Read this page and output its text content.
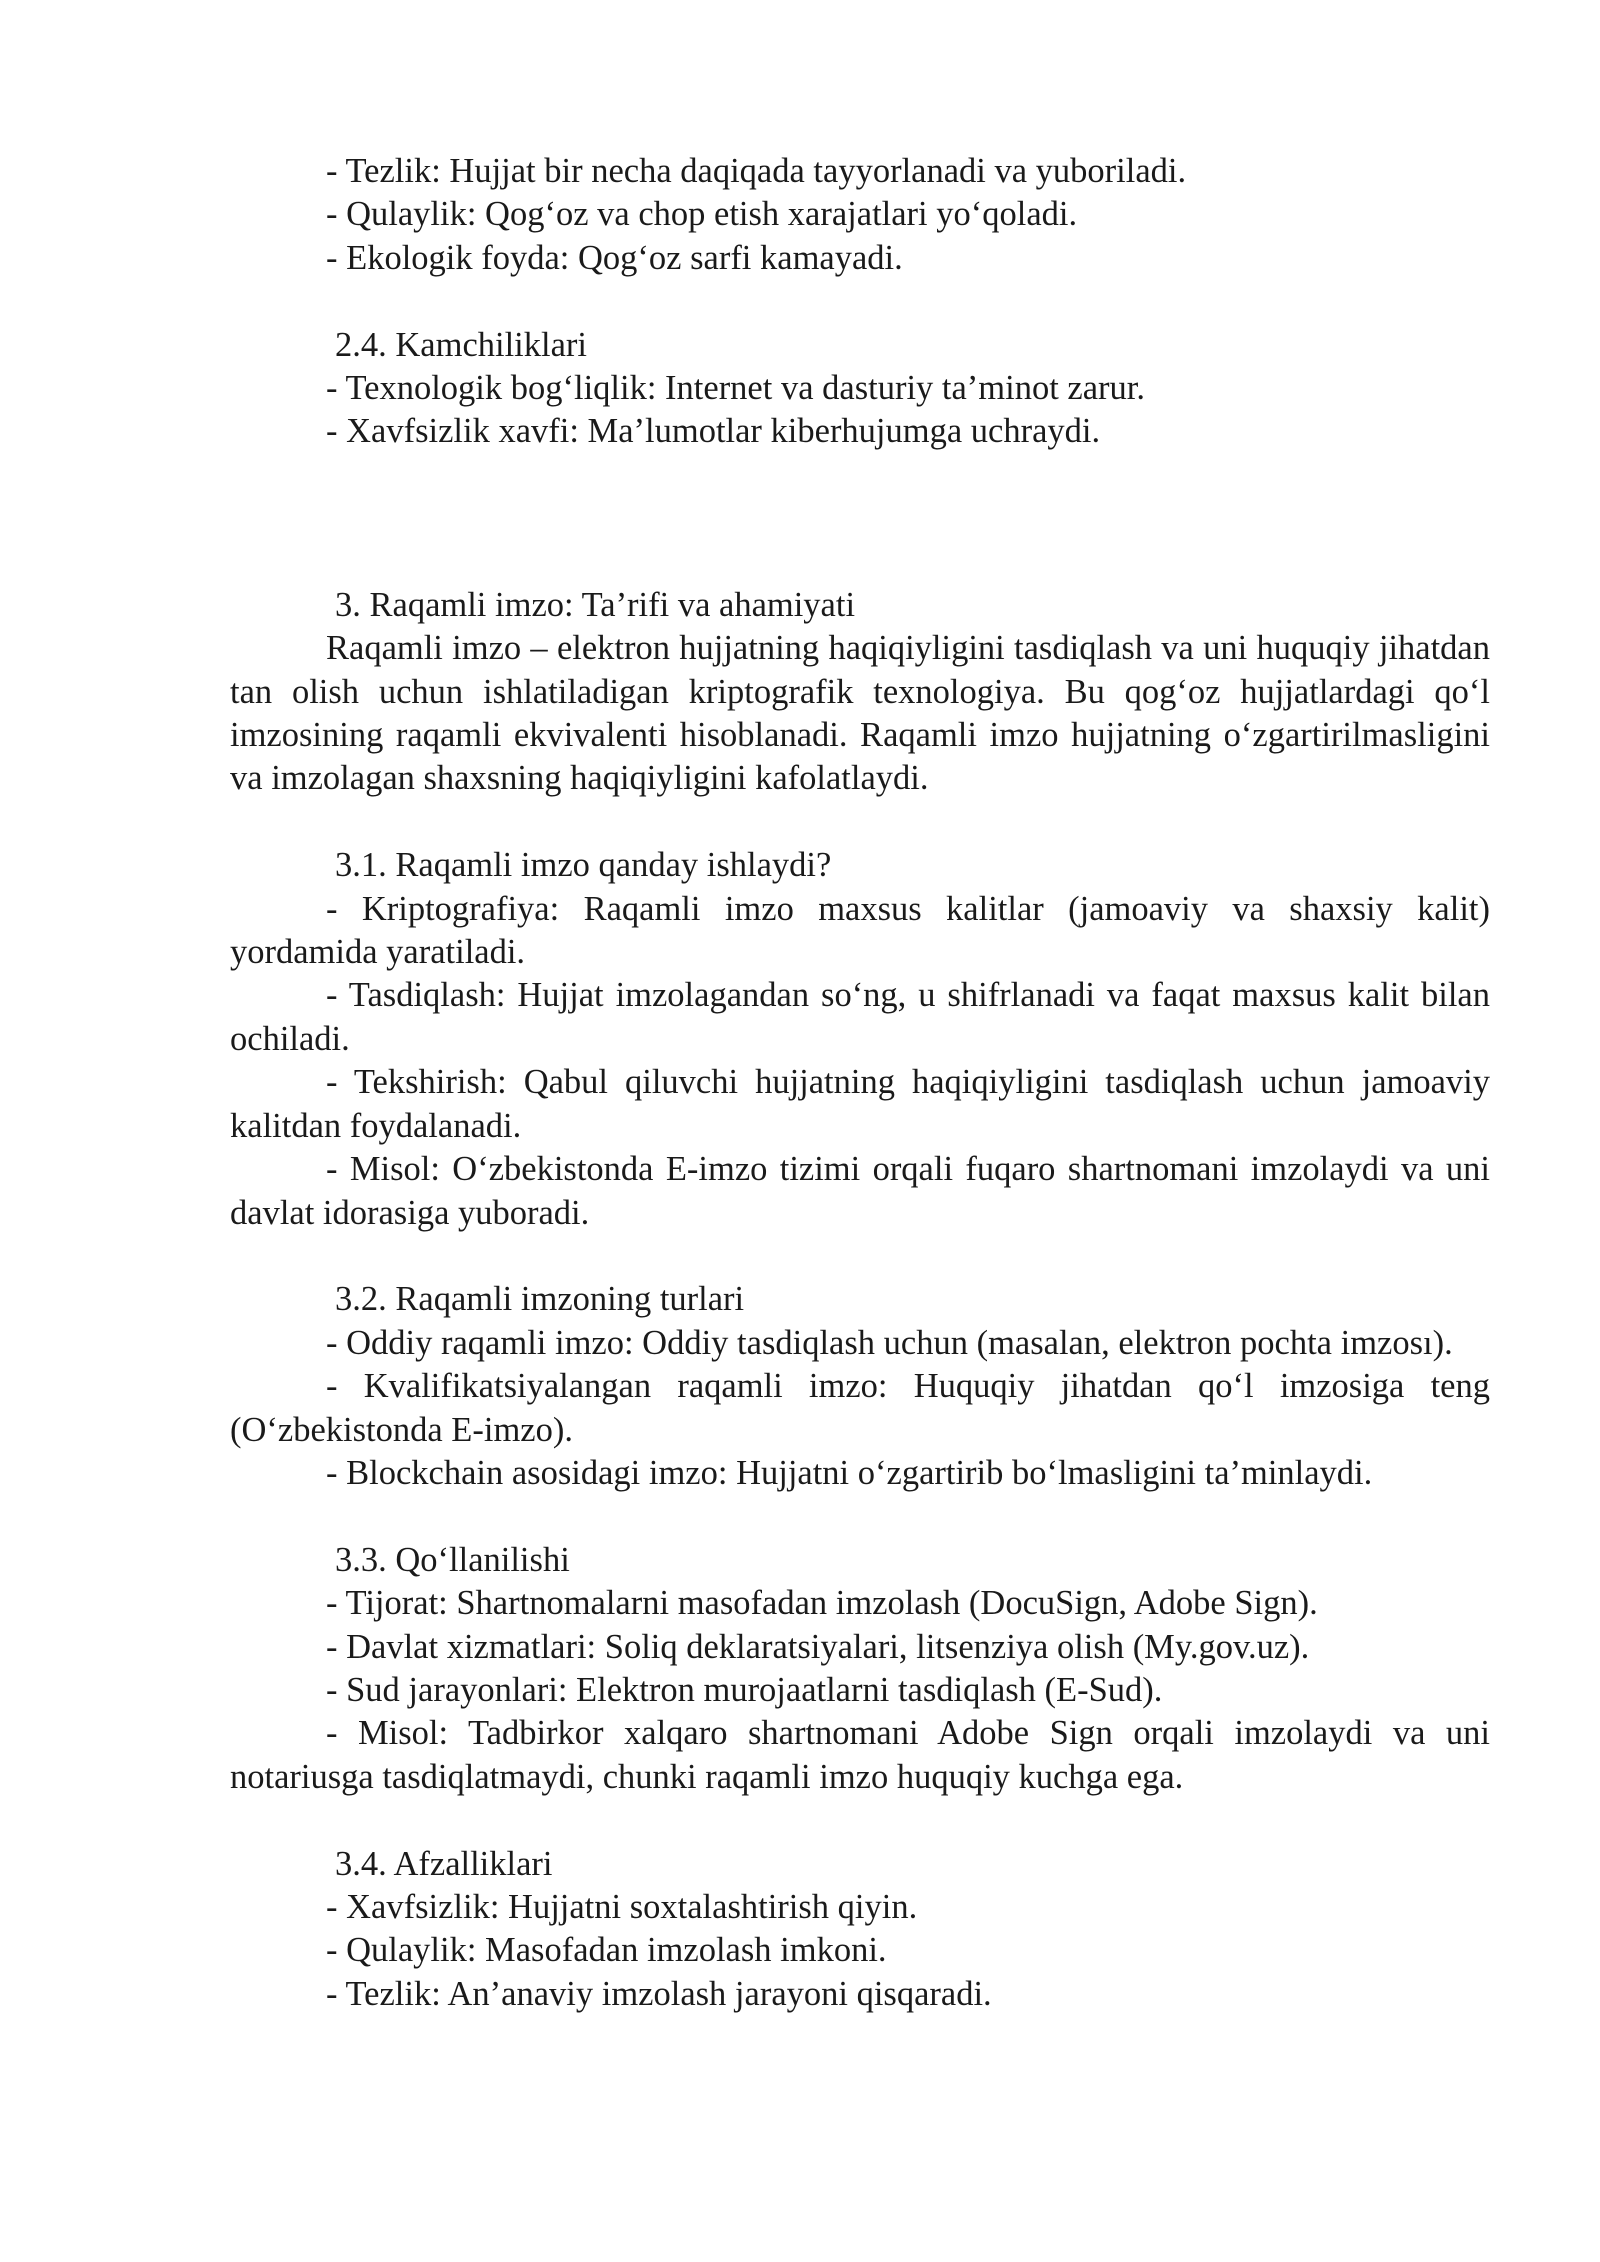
- Tezlik: Hujjat bir necha daqiqada tayyorlanadi va yuboriladi.

- Qulaylik: Qog‘oz va chop etish xarajatlari yo‘qoladi.

- Ekologik foyda: Qog‘oz sarfi kamayadi.

2.4. Kamchiliklari

- Texnologik bog‘liqlik: Internet va dasturiy ta’minot zarur.

- Xavfsizlik xavfi: Ma’lumotlar kiberhujumga uchraydi.

3. Raqamli imzo: Ta’rifi va ahamiyati

Raqamli imzo – elektron hujjatning haqiqiyligini tasdiqlash va uni huquqiy jihatdan tan olish uchun ishlatiladigan kriptografik texnologiya. Bu qog‘oz hujjatlardagi qo‘l imzosining raqamli ekvivalenti hisoblanadi. Raqamli imzo hujjatning o‘zgartirilmasligini va imzolagan shaxsning haqiqiyligini kafolatlaydi.

3.1. Raqamli imzo qanday ishlaydi?

- Kriptografiya: Raqamli imzo maxsus kalitlar (jamoaviy va shaxsiy kalit) yordamida yaratiladi.

- Tasdiqlash: Hujjat imzolagandan so‘ng, u shifrlanadi va faqat maxsus kalit bilan ochiladi.

- Tekshirish: Qabul qiluvchi hujjatning haqiqiyligini tasdiqlash uchun jamoaviy kalitdan foydalanadi.

- Misol: O‘zbekistonda E-imzo tizimi orqali fuqaro shartnomani imzolaydi va uni davlat idorasiga yuboradi.

3.2. Raqamli imzoning turlari

- Oddiy raqamli imzo: Oddiy tasdiqlash uchun (masalan, elektron pochta imzosı).

- Kvalifikatsiyalangan raqamli imzo: Huquqiy jihatdan qo‘l imzosiga teng (O‘zbekistonda E-imzo).

- Blockchain asosidagi imzo: Hujjatni o‘zgartirib bo‘lmasligini ta’minlaydi.

3.3. Qo‘llanilishi

- Tijorat: Shartnomalarni masofadan imzolash (DocuSign, Adobe Sign).

- Davlat xizmatlari: Soliq deklaratsiyalari, litsenziya olish (My.gov.uz).

- Sud jarayonlari: Elektron murojaatlarni tasdiqlash (E-Sud).

- Misol: Tadbirkor xalqaro shartnomani Adobe Sign orqali imzolaydi va uni notariusga tasdiqlatmaydi, chunki raqamli imzo huquqiy kuchga ega.

3.4. Afzalliklari

- Xavfsizlik: Hujjatni soxtalashtirish qiyin.

- Qulaylik: Masofadan imzolash imkoni.

- Tezlik: An’anaviy imzolash jarayoni qisqaradi.
